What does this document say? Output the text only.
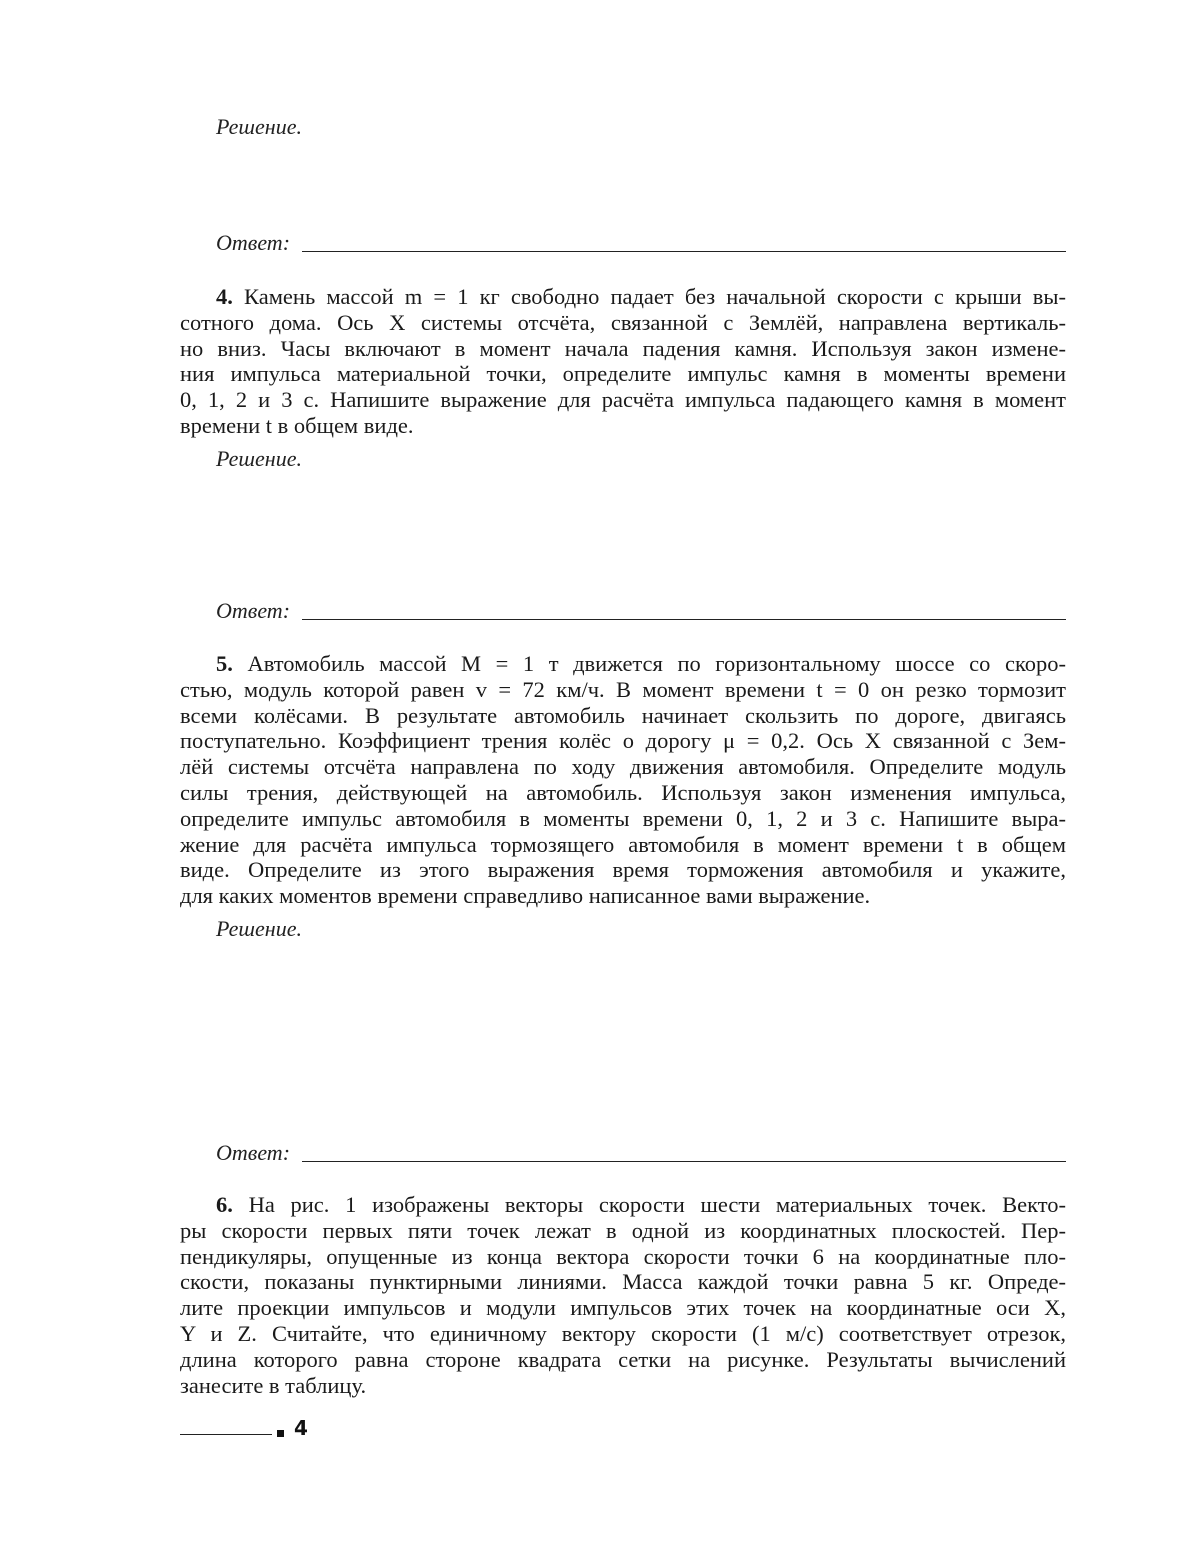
Решение.
Ответ:
4. Камень массой m = 1 кг свободно падает без начальной скорости с крыши вы-
сотного дома. Ось X системы отсчёта, связанной с Землёй, направлена вертикаль-
но вниз. Часы включают в момент начала падения камня. Используя закон измене-
ния импульса материальной точки, определите импульс камня в моменты времени
0, 1, 2 и 3 с. Напишите выражение для расчёта импульса падающего камня в момент
времени t в общем виде.
Решение.
Ответ:
5. Автомобиль массой M = 1 т движется по горизонтальному шоссе со скоро-
стью, модуль которой равен v = 72 км/ч. В момент времени t = 0 он резко тормозит
всеми колёсами. В результате автомобиль начинает скользить по дороге, двигаясь
поступательно. Коэффициент трения колёс о дорогу μ = 0,2. Ось X связанной с Зем-
лёй системы отсчёта направлена по ходу движения автомобиля. Определите модуль
силы трения, действующей на автомобиль. Используя закон изменения импульса,
определите импульс автомобиля в моменты времени 0, 1, 2 и 3 с. Напишите выра-
жение для расчёта импульса тормозящего автомобиля в момент времени t в общем
виде. Определите из этого выражения время торможения автомобиля и укажите,
для каких моментов времени справедливо написанное вами выражение.
Решение.
Ответ:
6. На рис. 1 изображены векторы скорости шести материальных точек. Векто-
ры скорости первых пяти точек лежат в одной из координатных плоскостей. Пер-
пендикуляры, опущенные из конца вектора скорости точки 6 на координатные пло-
скости, показаны пунктирными линиями. Масса каждой точки равна 5 кг. Опреде-
лите проекции импульсов и модули импульсов этих точек на координатные оси X,
Y и Z. Считайте, что единичному вектору скорости (1 м/с) соответствует отрезок,
длина которого равна стороне квадрата сетки на рисунке. Результаты вычислений
занесите в таблицу.
4
